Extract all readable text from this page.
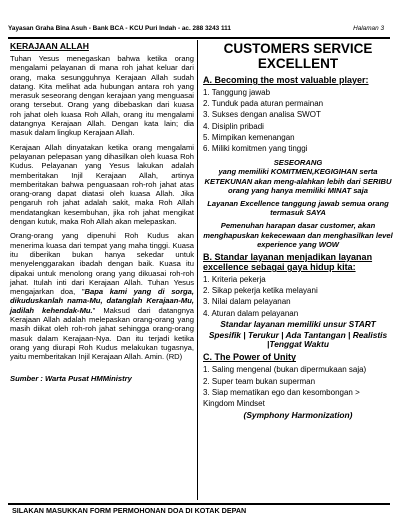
Yayasan Graha Bina Asuh - Bank BCA - KCU Puri Indah - ac. 288 3243 111	Halaman 3
KERAJAAN ALLAH

Tuhan Yesus menegaskan bahwa ketika orang mengalami pelayanan di mana roh jahat keluar dari orang, maka sesungguhnya Kerajaan Allah sudah datang. Kita melihat ada hubungan antara roh yang merasuk seseorang dengan kerajaan yang menguasai orang tersebut. Orang yang dibebaskan dari kuasa roh jahat oleh kuasa Roh Allah, orang itu mengalami datangnya Kerajaan Allah. Dengan kata lain; dia masuk dalam lingkup Kerajaan Allah.

Kerajaan Allah dinyatakan ketika orang mengalami pelayanan pelepasan yang dihasilkan oleh kuasa Roh Kudus. Pelayanan yang Yesus lakukan adalah memberitakan Injil Kerajaan Allah, artinya memberitakan bahwa penguasaan roh-roh jahat atas orang-orang dapat diatasi oleh kuasa Allah. Jika pengaruh roh jahat adalah sakit, maka Roh Allah mendatangkan kesembuhan, jika roh jahat mengikat dengan kutuk, maka Roh Allah akan melepaskan.

Orang-orang yang dipenuhi Roh Kudus akan menerima kuasa dari tempat yang maha tinggi. Kuasa itu diberikan bukan hanya sekedar untuk menyelenggarakan ibadah dengan baik. Kuasa itu dipakai untuk menolong orang yang dikuasai roh-roh jahat. Itulah inti dari Kerajaan Allah. Tuhan Yesus mengajarkan doa, "Bapa kami yang di sorga, dikuduskanlah nama-Mu, datanglah Kerajaan-Mu, jadilah kehendak-Mu." Maksud dari datangnya Kerajaan Allah adalah melepaskan orang-orang yang masih diikat oleh roh-roh jahat sehingga orang-orang masuk dalam Kerajaan-Nya. Dan itu terjadi ketika orang yang diurapi Roh Kudus melakukan tugasnya, yaitu memberitakan Injil Kerajaan Allah. Amin. (RD)

Sumber : Warta Pusat HMMinistry
CUSTOMERS SERVICE
EXCELLENT
A. Becoming the most valuable player:
1. Tanggung jawab
2. Tunduk pada aturan permainan
3. Sukses dengan analisa SWOT
4. Disiplin pribadi
5. Mimpikan kemenangan
6. Miliki komitmen yang tinggi
SESEORANG
yang memiliki KOMITMEN,KEGIGIHAN serta KETEKUNAN akan meng-alahkan lebih dari SERIBU orang yang hanya memiliki MINAT saja
Layanan Excellence tanggung jawab semua orang termasuk SAYA
Pemenuhan harapan dasar customer, akan menghapuskan kekecewaan dan menghasilkan level experience yang WOW
B. Standar layanan menjadikan layanan excellence sebagai gaya hidup kita:
1. Kriteria pekerja
2. Sikap pekerja ketika melayani
3. Nilai dalam pelayanan
4. Aturan dalam pelayanan
Standar layanan memiliki unsur START
Spesifik | Terukur | Ada Tantangan | Realistis |Tenggat Waktu
C. The Power of Unity
1. Saling mengenal (bukan dipermukaan saja)
2. Super team bukan superman
3. Siap mematikan ego dan kesombongan > Kingdom Mindset
(Symphony Harmonization)
SILAKAN MASUKKAN FORM PERMOHONAN DOA DI KOTAK DEPAN
